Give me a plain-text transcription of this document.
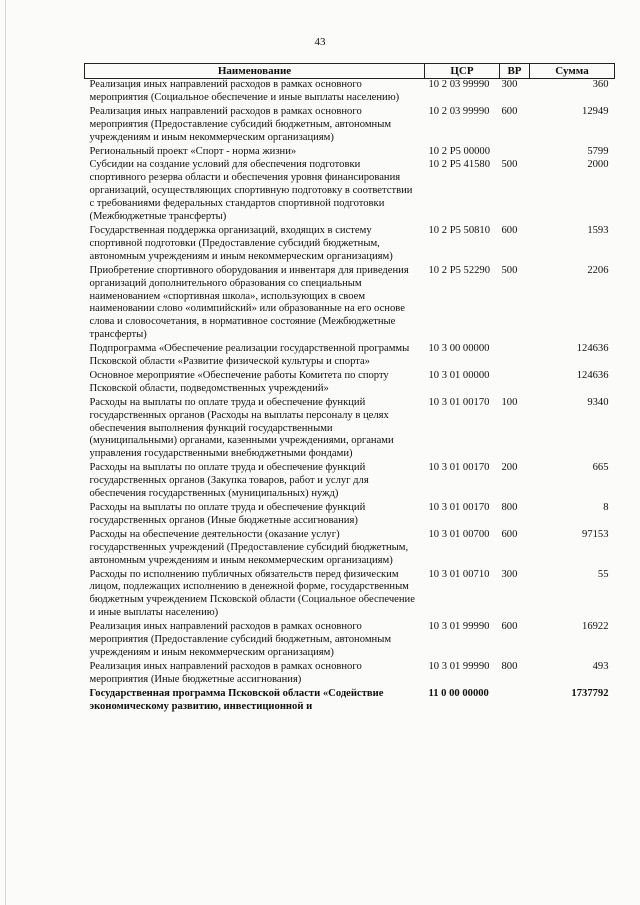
43
Наименование	ЦСР	ВР	Сумма
Реализация иных направлений расходов в рамках основного мероприятия (Социальное обеспечение и иные выплаты населению)	10 2 03 99990	300	360
Реализация иных направлений расходов в рамках основного мероприятия (Предоставление субсидий бюджетным, автономным учреждениям и иным некоммерческим организациям)	10 2 03 99990	600	12949
Региональный проект «Спорт - норма жизни»	10 2 P5 00000		5799
Субсидии на создание условий для обеспечения подготовки спортивного резерва области и обеспечения уровня финансирования организаций, осуществляющих спортивную подготовку в соответствии с требованиями федеральных стандартов спортивной подготовки (Межбюджетные трансферты)	10 2 P5 41580	500	2000
Государственная поддержка организаций, входящих в систему спортивной подготовки (Предоставление субсидий бюджетным, автономным учреждениям и иным некоммерческим организациям)	10 2 P5 50810	600	1593
Приобретение спортивного оборудования и инвентаря для приведения организаций дополнительного образования со специальным наименованием «спортивная школа», использующих в своем наименовании слово «олимпийский» или образованные на его основе слова и словосочетания, в нормативное состояние (Межбюджетные трансферты)	10 2 P5 52290	500	2206
Подпрограмма «Обеспечение реализации государственной программы Псковской области «Развитие физической культуры и спорта»	10 3 00 00000		124636
Основное мероприятие «Обеспечение работы Комитета по спорту Псковской области, подведомственных учреждений»	10 3 01 00000		124636
Расходы на выплаты по оплате труда и обеспечение функций государственных органов (Расходы на выплаты персоналу в целях обеспечения выполнения функций государственными (муниципальными) органами, казенными учреждениями, органами управления государственными внебюджетными фондами)	10 3 01 00170	100	9340
Расходы на выплаты по оплате труда и обеспечение функций государственных органов (Закупка товаров, работ и услуг для обеспечения государственных (муниципальных) нужд)	10 3 01 00170	200	665
Расходы на выплаты по оплате труда и обеспечение функций государственных органов (Иные бюджетные ассигнования)	10 3 01 00170	800	8
Расходы на обеспечение деятельности (оказание услуг) государственных учреждений (Предоставление субсидий бюджетным, автономным учреждениям и иным некоммерческим организациям)	10 3 01 00700	600	97153
Расходы по исполнению публичных обязательств перед физическим лицом, подлежащих исполнению в денежной форме, государственным бюджетным учреждением Псковской области (Социальное обеспечение и иные выплаты населению)	10 3 01 00710	300	55
Реализация иных направлений расходов в рамках основного мероприятия (Предоставление субсидий бюджетным, автономным учреждениям и иным некоммерческим организациям)	10 3 01 99990	600	16922
Реализация иных направлений расходов в рамках основного мероприятия (Иные бюджетные ассигнования)	10 3 01 99990	800	493
Государственная программа Псковской области «Содействие экономическому развитию, инвестиционной и	11 0 00 00000		1737792
